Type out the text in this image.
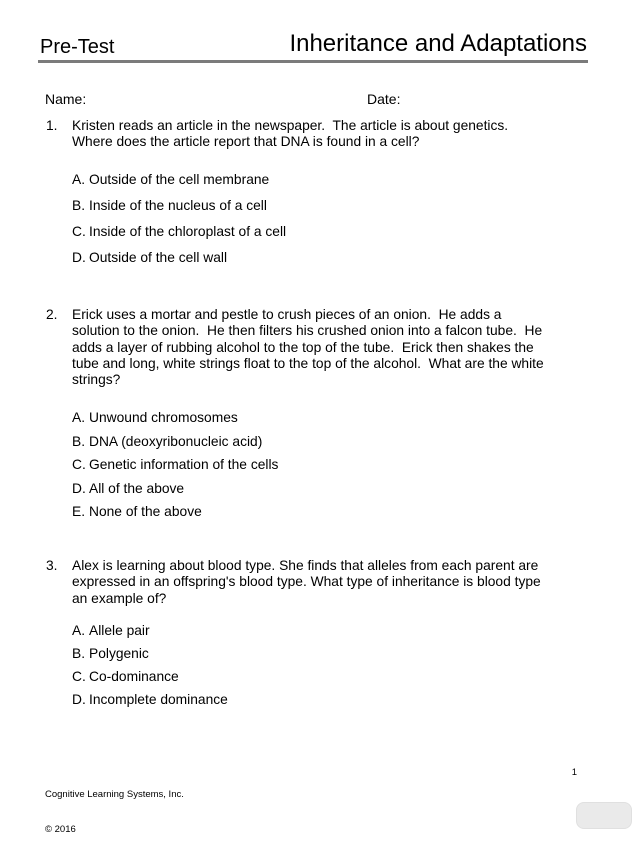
Pre-Test	Inheritance and Adaptations
Name:	Date:
1.	Kristen reads an article in the newspaper.  The article is about genetics.
Where does the article report that DNA is found in a cell?
A. Outside of the cell membrane
B. Inside of the nucleus of a cell
C. Inside of the chloroplast of a cell
D. Outside of the cell wall
2.	Erick uses a mortar and pestle to crush pieces of an onion.  He adds a
solution to the onion.  He then filters his crushed onion into a falcon tube.  He
adds a layer of rubbing alcohol to the top of the tube.  Erick then shakes the
tube and long, white strings float to the top of the alcohol.  What are the white
strings?
A. Unwound chromosomes
B. DNA (deoxyribonucleic acid)
C. Genetic information of the cells
D. All of the above
E. None of the above
3.	Alex is learning about blood type. She finds that alleles from each parent are
expressed in an offspring's blood type. What type of inheritance is blood type
an example of?
A. Allele pair
B. Polygenic
C. Co-dominance
D. Incomplete dominance

Cognitive Learning Systems, Inc.

© 2016

1
